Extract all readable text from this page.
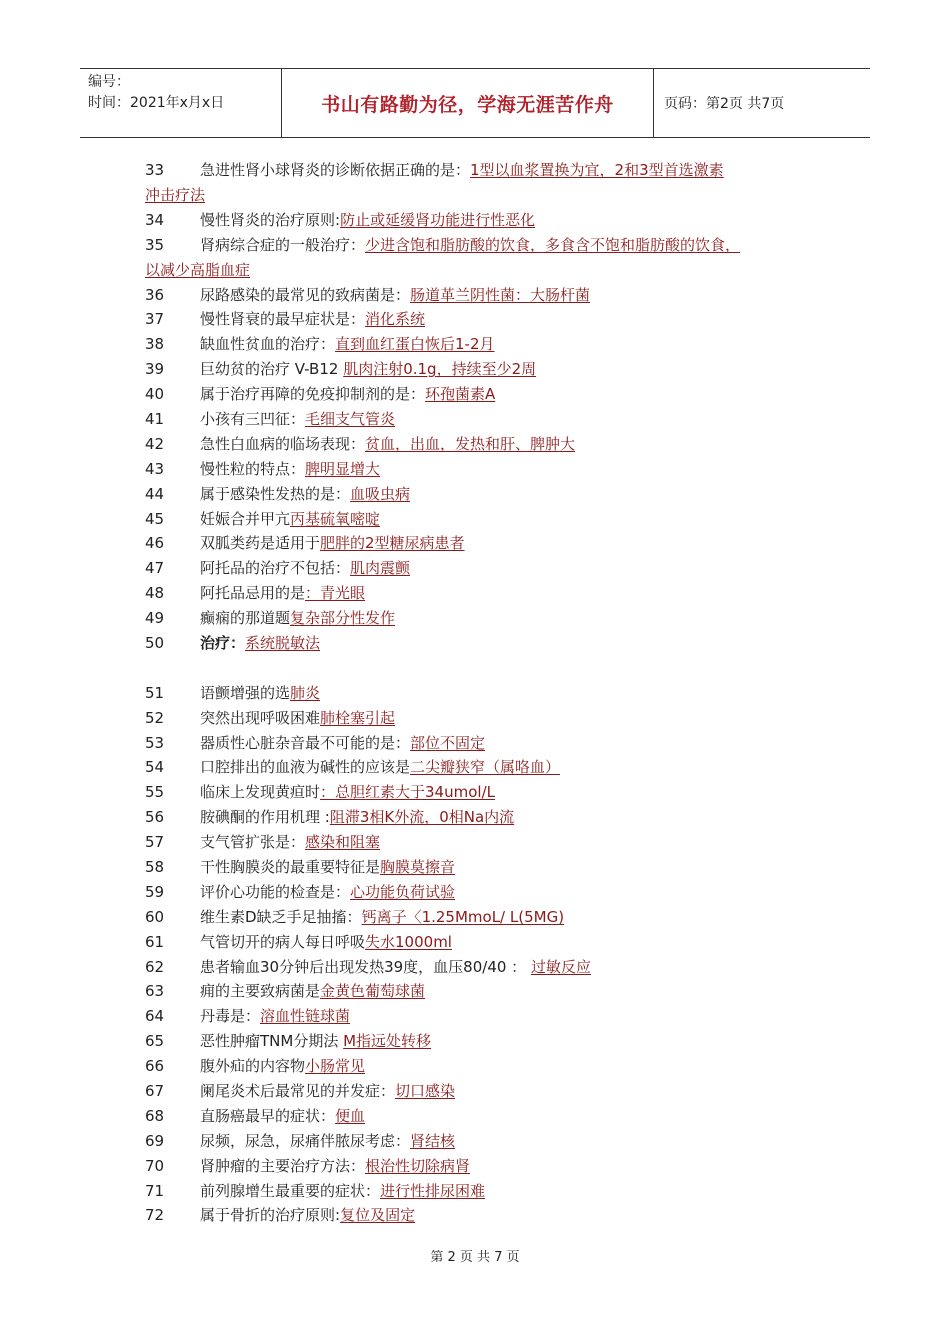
编号：
时间：2021年x月x日	书山有路勤为径，学海无涯苦作舟	页码：第2页 共7页
33	急进性肾小球肾炎的诊断依据正确的是：1型以血浆置换为宜，2和3型首选激素
冲击疗法
34	慢性肾炎的治疗原则:防止或延缓肾功能进行性恶化
35	肾病综合症的一般治疗：少进含饱和脂肪酸的饮食，多食含不饱和脂肪酸的饮食，
以减少高脂血症
36	尿路感染的最常见的致病菌是：肠道革兰阴性菌：大肠杆菌
37	慢性肾衰的最早症状是：消化系统
38	缺血性贫血的治疗：直到血红蛋白恢后1-2月
39	巨幼贫的治疗 V-B12 肌肉注射0.1g，持续至少2周
40	属于治疗再障的免疫抑制剂的是：环孢菌素A
41	小孩有三凹征：毛细支气管炎
42	急性白血病的临场表现：贫血，出血，发热和肝、脾肿大
43	慢性粒的特点：脾明显增大
44	属于感染性发热的是：血吸虫病
45	妊娠合并甲亢丙基硫氧嘧啶
46	双胍类药是适用于肥胖的2型糖尿病患者
47	阿托品的治疗不包括：肌肉震颤
48	阿托品忌用的是：青光眼
49	癫痫的那道题复杂部分性发作
50	治疗：系统脱敏法
51	语颤增强的选肺炎
52	突然出现呼吸困难肺栓塞引起
53	器质性心脏杂音最不可能的是：部位不固定
54	口腔排出的血液为碱性的应该是二尖瓣狭窄（属咯血）
55	临床上发现黄疸时：总胆红素大于34umol/L
56	胺碘酮的作用机理 :阻滞3相K外流，0相Na内流
57	支气管扩张是：感染和阻塞
58	干性胸膜炎的最重要特征是胸膜莫擦音
59	评价心功能的检查是：心功能负荷试验
60	维生素D缺乏手足抽搐：钙离子〈1.25MmoL/ L(5MG)
61	气管切开的病人每日呼吸失水1000ml
62	患者输血30分钟后出现发热39度，血压80/40 ： 过敏反应
63	痈的主要致病菌是金黄色葡萄球菌
64	丹毒是：溶血性链球菌
65	恶性肿瘤TNM分期法 M指远处转移
66	腹外疝的内容物小肠常见
67	阑尾炎术后最常见的并发症：切口感染
68	直肠癌最早的症状：便血
69	尿频，尿急，尿痛伴脓尿考虑：肾结核
70	肾肿瘤的主要治疗方法：根治性切除病肾
71	前列腺增生最重要的症状：进行性排尿困难
72	属于骨折的治疗原则:复位及固定
第 2 页 共 7 页
